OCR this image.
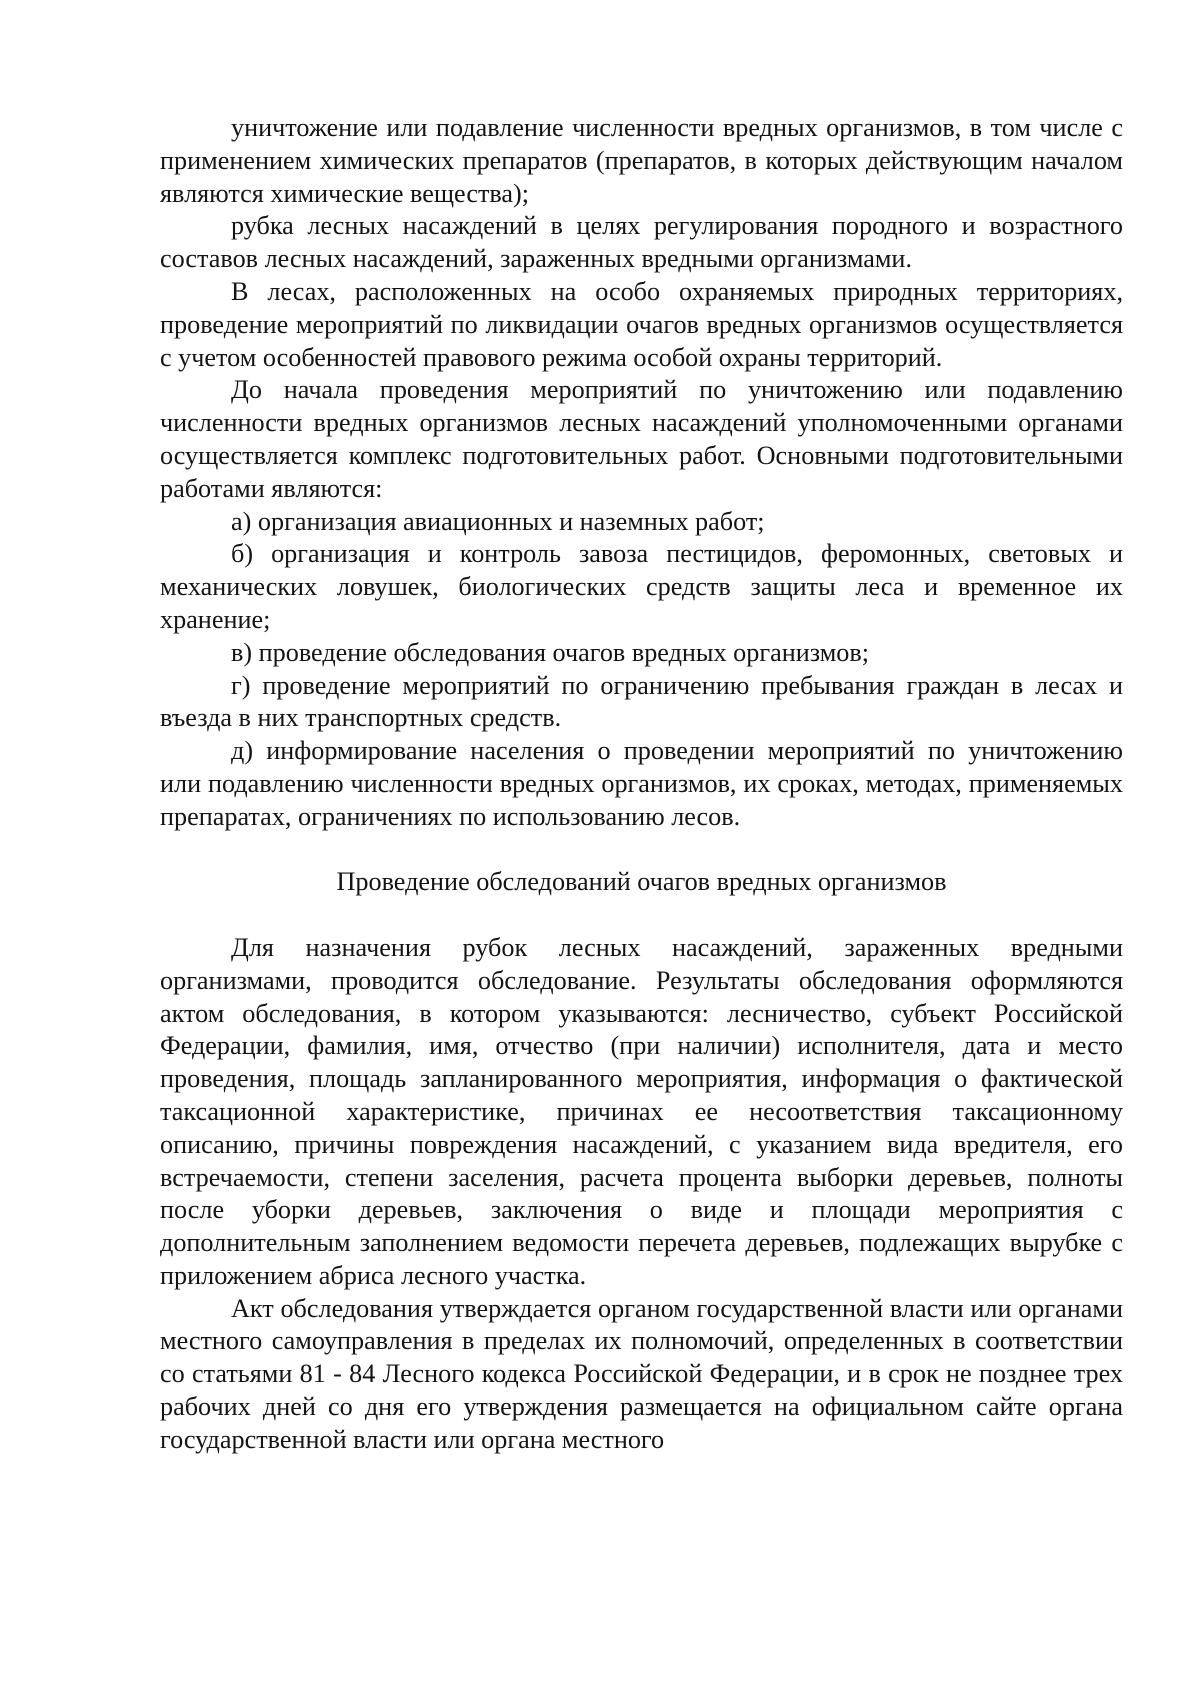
уничтожение или подавление численности вредных организмов, в том числе с применением химических препаратов (препаратов, в которых действующим началом являются химические вещества);

рубка лесных насаждений в целях регулирования породного и возрастного составов лесных насаждений, зараженных вредными организмами.

В лесах, расположенных на особо охраняемых природных территориях, проведение мероприятий по ликвидации очагов вредных организмов осуществляется с учетом особенностей правового режима особой охраны территорий.

До начала проведения мероприятий по уничтожению или подавлению численности вредных организмов лесных насаждений уполномоченными органами осуществляется комплекс подготовительных работ. Основными подготовительными работами являются:

а) организация авиационных и наземных работ;

б) организация и контроль завоза пестицидов, феромонных, световых и механических ловушек, биологических средств защиты леса и временное их хранение;

в) проведение обследования очагов вредных организмов;

г) проведение мероприятий по ограничению пребывания граждан в лесах и въезда в них транспортных средств.

д) информирование населения о проведении мероприятий по уничтожению или подавлению численности вредных организмов, их сроках, методах, применяемых препаратах, ограничениях по использованию лесов.

Проведение обследований очагов вредных организмов

Для назначения рубок лесных насаждений, зараженных вредными организмами, проводится обследование. Результаты обследования оформляются актом обследования, в котором указываются: лесничество, субъект Российской Федерации, фамилия, имя, отчество (при наличии) исполнителя, дата и место проведения, площадь запланированного мероприятия, информация о фактической таксационной характеристике, причинах ее несоответствия таксационному описанию, причины повреждения насаждений, с указанием вида вредителя, его встречаемости, степени заселения, расчета процента выборки деревьев, полноты после уборки деревьев, заключения о виде и площади мероприятия с дополнительным заполнением ведомости перечета деревьев, подлежащих вырубке с приложением абриса лесного участка.

Акт обследования утверждается органом государственной власти или органами местного самоуправления в пределах их полномочий, определенных в соответствии со статьями 81 - 84 Лесного кодекса Российской Федерации, и в срок не позднее трех рабочих дней со дня его утверждения размещается на официальном сайте органа государственной власти или органа местного
